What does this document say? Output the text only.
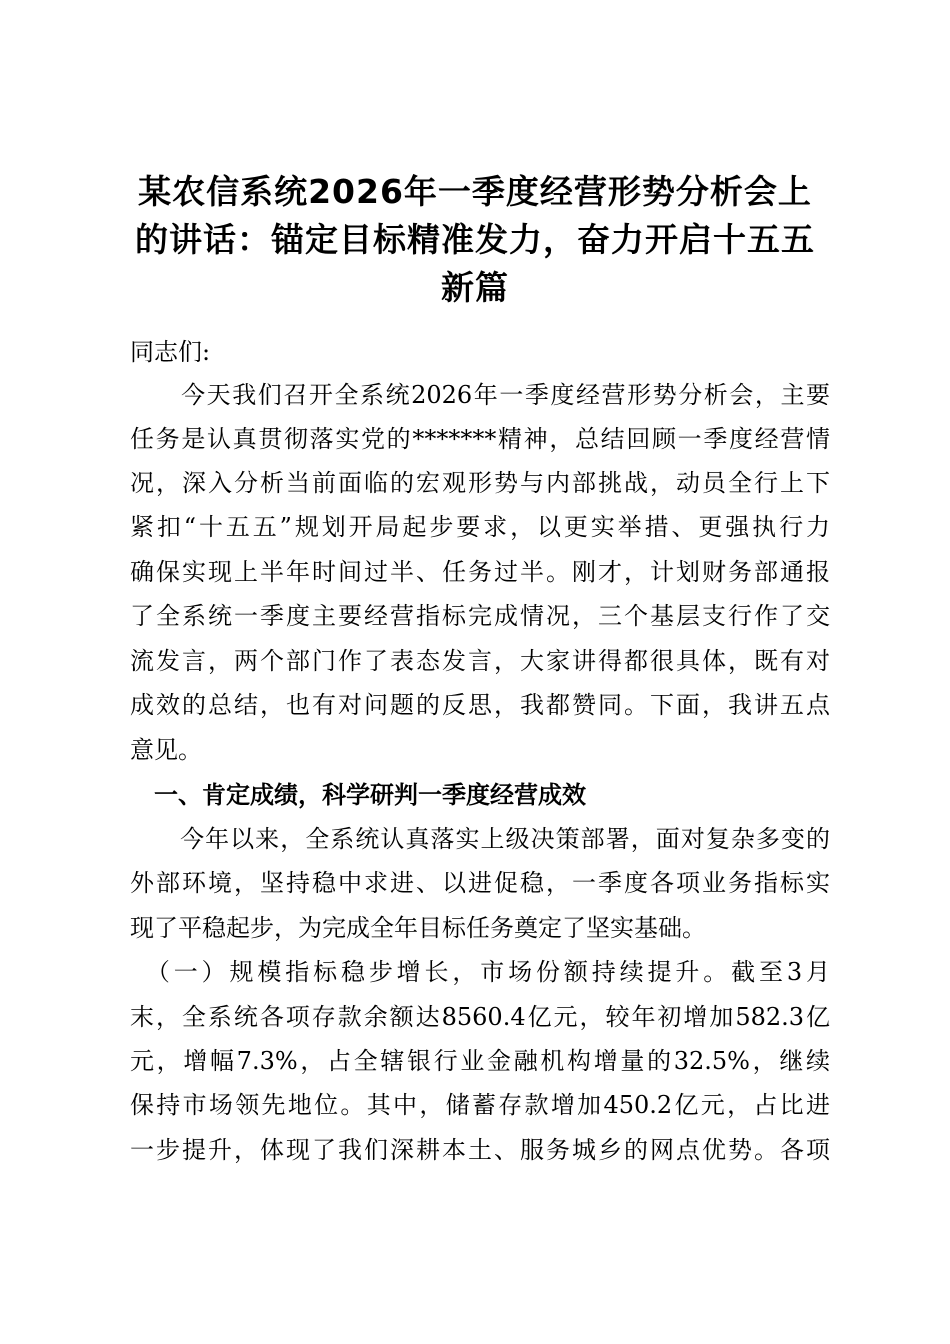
某农信系统2026年一季度经营形势分析会上
的讲话：锚定目标精准发力，奋力开启十五五
新篇
同志们:
　　今天我们召开全系统2026年一季度经营形势分析会，主要
任务是认真贯彻落实党的*******精神，总结回顾一季度经营情
况，深入分析当前面临的宏观形势与内部挑战，动员全行上下
紧扣“十五五”规划开局起步要求，以更实举措、更强执行力
确保实现上半年时间过半、任务过半。刚才，计划财务部通报
了全系统一季度主要经营指标完成情况，三个基层支行作了交
流发言，两个部门作了表态发言，大家讲得都很具体，既有对
成效的总结，也有对问题的反思，我都赞同。下面，我讲五点
意见。
　一、肯定成绩，科学研判一季度经营成效
　　今年以来，全系统认真落实上级决策部署，面对复杂多变的
外部环境，坚持稳中求进、以进促稳，一季度各项业务指标实
现了平稳起步，为完成全年目标任务奠定了坚实基础。
　（一）规模指标稳步增长，市场份额持续提升。截至3月
末，全系统各项存款余额达8560.4亿元，较年初增加582.3亿
元，增幅7.3%，占全辖银行业金融机构增量的32.5%，继续
保持市场领先地位。其中，储蓄存款增加450.2亿元，占比进
一步提升，体现了我们深耕本土、服务城乡的网点优势。各项
